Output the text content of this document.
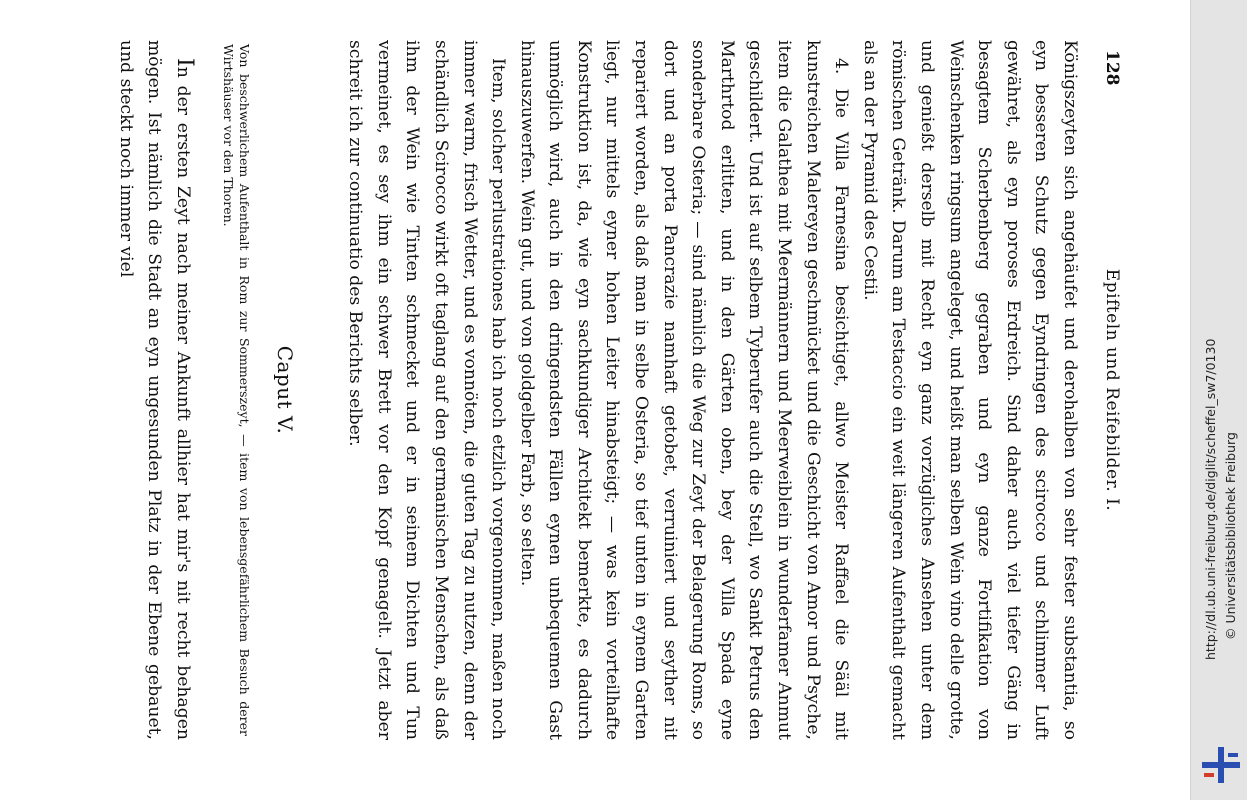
128
Epifteln und Reifebilder. I.

Königszeyten sich angehäufet und derohalben von sehr fester substantia, so eyn besseren Schutz gegen Eyndringen des scirocco und schlimmer Luft gewähret, als eyn poroses Erdreich. Sind daher auch viel tiefer Gäng in besagtem Scherbenberg gegraben und eyn ganze Fortifikation von Weinschenken ringsum angeleget, und heißt man selben Wein vino delle grotte, und genießt derselb mit Recht eyn ganz vorzügliches Ansehen unter dem römischen Getränk. Darum am Testaccio ein weit längeren Aufenthalt gemacht als an der Pyramid des Cestii.

4. Die Villa Farnesina besichtiget, allwo Meister Raffael die Sääl mit kunstreichen Malereyen geschmücket und die Geschicht von Amor und Psyche, item die Galathea mit Meermännern und Meerweiblein in wunderfamer Anmut geschildert. Und ist auf selbem Tyberufer auch die Stell, wo Sankt Petrus den Marthrtod erlitten, und in den Gärten oben, bey der Villa Spada eyne sonderbare Osteria; — sind nämlich die Weg zur Zeyt der Belagerung Roms, so dort und an porta Pancrazie namhaft getobet, verruiniert und seyther nit repariert worden, als daß man in selbe Osteria, so tief unten in eynem Garten liegt, nur mittels eyner hohen Leiter hinabsteigt; — was kein vorteilhafte Konstruktion ist, da, wie eyn sachkundiger Architekt bemerkte, es dadurch unmöglich wird, auch in den dringendsten Fällen eynen unbequemen Gast hinauszuwerfen. Wein gut, und von goldgelber Farb, so selten.

Item, solcher perlustrationes hab ich noch etzlich vorgenommen, maßen noch immer warm, frisch Wetter, und es vonnöten, die guten Tag zu nutzen, denn der schändlich Scirocco wirkt oft taglang auf den germanischen Menschen, als daß ihm der Wein wie Tinten schmecket und er in seinem Dichten und Tun vermeinet, es sey ihm ein schwer Brett vor den Kopf genagelt. Jetzt aber schreit ich zur continuatio des Berichts selber.

Caput V.
Von beschwerlichem Aufenthalt in Rom zur Sommerszeyt, — item von lebensgefährlichem Besuch derer Wirtshäuser vor den Thoren.

In der ersten Zeyt nach meiner Ankunft allhier hat mir's nit recht behagen mögen. Ist nämlich die Stadt an eyn ungesunden Platz in der Ebene gebauet, und steckt noch immer viel

http://dl.ub.uni-freiburg.de/diglit/scheffel_sw7/0130 © Universitätsbibliothek Freiburg
